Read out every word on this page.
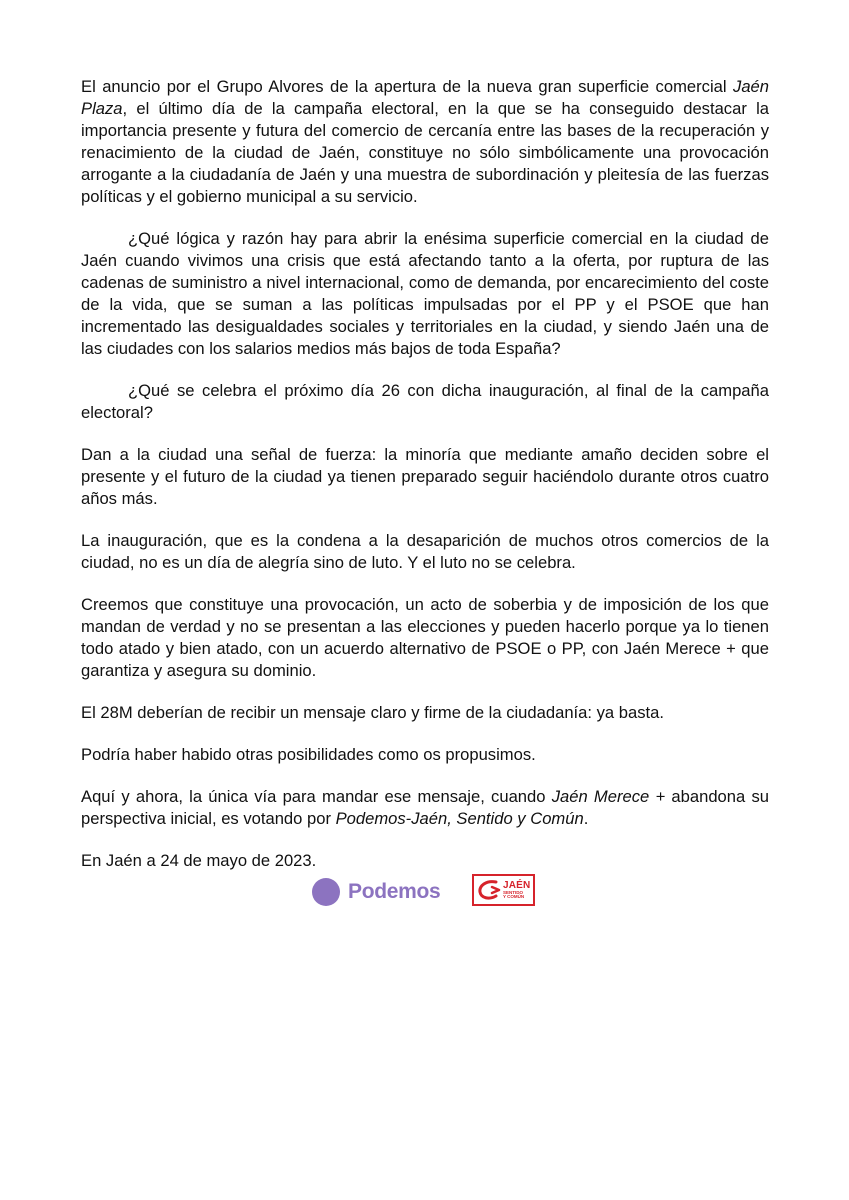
El anuncio por el Grupo Alvores de la apertura de la nueva gran superficie comercial Jaén Plaza, el último día de la campaña electoral, en la que se ha conseguido destacar la importancia presente y futura del comercio de cercanía entre las bases de la recuperación y renacimiento de la ciudad de Jaén, constituye no sólo simbólicamente una provocación arrogante a la ciudadanía de Jaén y una muestra de subordinación y pleitesía de las fuerzas políticas y el gobierno municipal a su servicio.

¿Qué lógica y razón hay para abrir la enésima superficie comercial en la ciudad de Jaén cuando vivimos una crisis que está afectando tanto a la oferta, por ruptura de las cadenas de suministro a nivel internacional, como de demanda, por encarecimiento del coste de la vida, que se suman a las políticas impulsadas por el PP y el PSOE que han incrementado las desigualdades sociales y territoriales en la ciudad, y siendo Jaén una de las ciudades con los salarios medios más bajos de toda España?

¿Qué se celebra el próximo día 26 con dicha inauguración, al final de la campaña electoral?

Dan a la ciudad una señal de fuerza: la minoría que mediante amaño deciden sobre el presente y el futuro de la ciudad ya tienen preparado seguir haciéndolo durante otros cuatro años más.

La inauguración, que es la condena a la desaparición de muchos otros comercios de la ciudad, no es un día de alegría sino de luto. Y el luto no se celebra.

Creemos que constituye una provocación, un acto de soberbia y de imposición de los que mandan de verdad y no se presentan a las elecciones y pueden hacerlo porque ya lo tienen todo atado y bien atado, con un acuerdo alternativo de PSOE o PP, con Jaén Merece + que garantiza y asegura su dominio.

El 28M deberían de recibir un mensaje claro y firme de la ciudadanía: ya basta.

Podría haber habido otras posibilidades como os propusimos.

Aquí y ahora, la única vía para mandar ese mensaje, cuando Jaén Merece + abandona su perspectiva inicial, es votando por Podemos-Jaén, Sentido y Común.

En Jaén a 24 de mayo de 2023.

Podemos	JAÉN
SENTIDO
Y COMÚN
